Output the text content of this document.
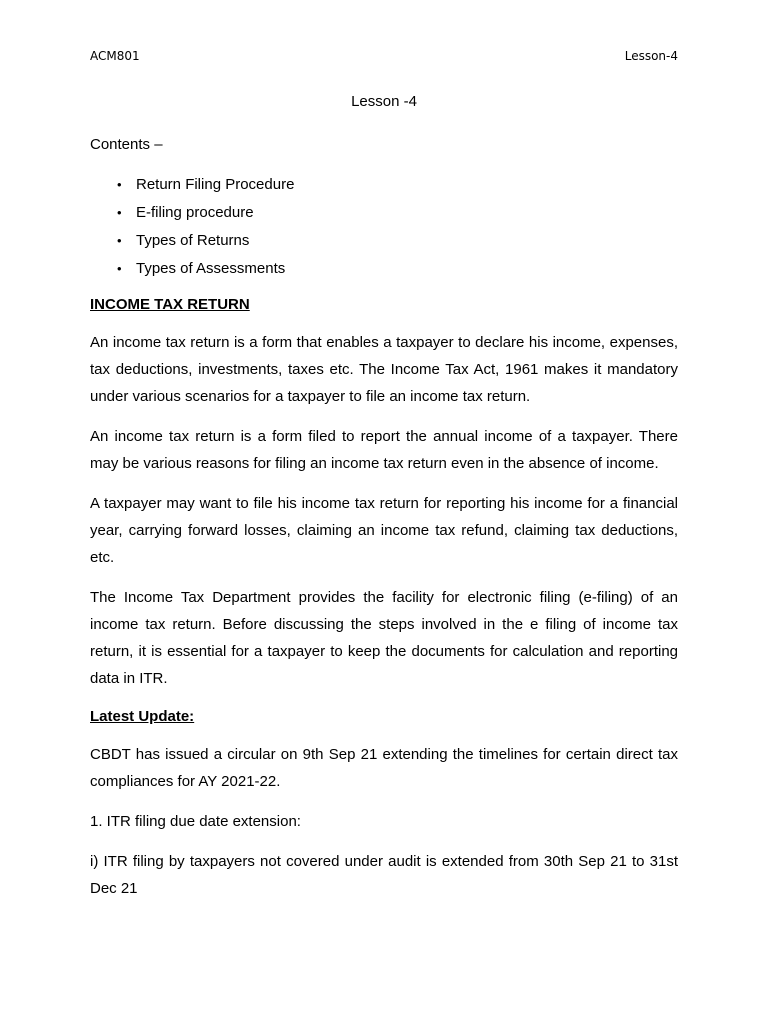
ACM801	Lesson-4
Lesson -4

Contents –

• Return Filing Procedure
• E-filing procedure
• Types of Returns
• Types of Assessments
INCOME TAX RETURN

An income tax return is a form that enables a taxpayer to declare his income, expenses, tax deductions, investments, taxes etc. The Income Tax Act, 1961 makes it mandatory under various scenarios for a taxpayer to file an income tax return.

An income tax return is a form filed to report the annual income of a taxpayer. There may be various reasons for filing an income tax return even in the absence of income.

A taxpayer may want to file his income tax return for reporting his income for a financial year, carrying forward losses, claiming an income tax refund, claiming tax deductions, etc.

The Income Tax Department provides the facility for electronic filing (e-filing) of an income tax return. Before discussing the steps involved in the e filing of income tax return, it is essential for a taxpayer to keep the documents for calculation and reporting data in ITR.

Latest Update:

CBDT has issued a circular on 9th Sep 21 extending the timelines for certain direct tax compliances for AY 2021-22.

1. ITR filing due date extension:

i) ITR filing by taxpayers not covered under audit is extended from 30th Sep 21 to 31st Dec 21
